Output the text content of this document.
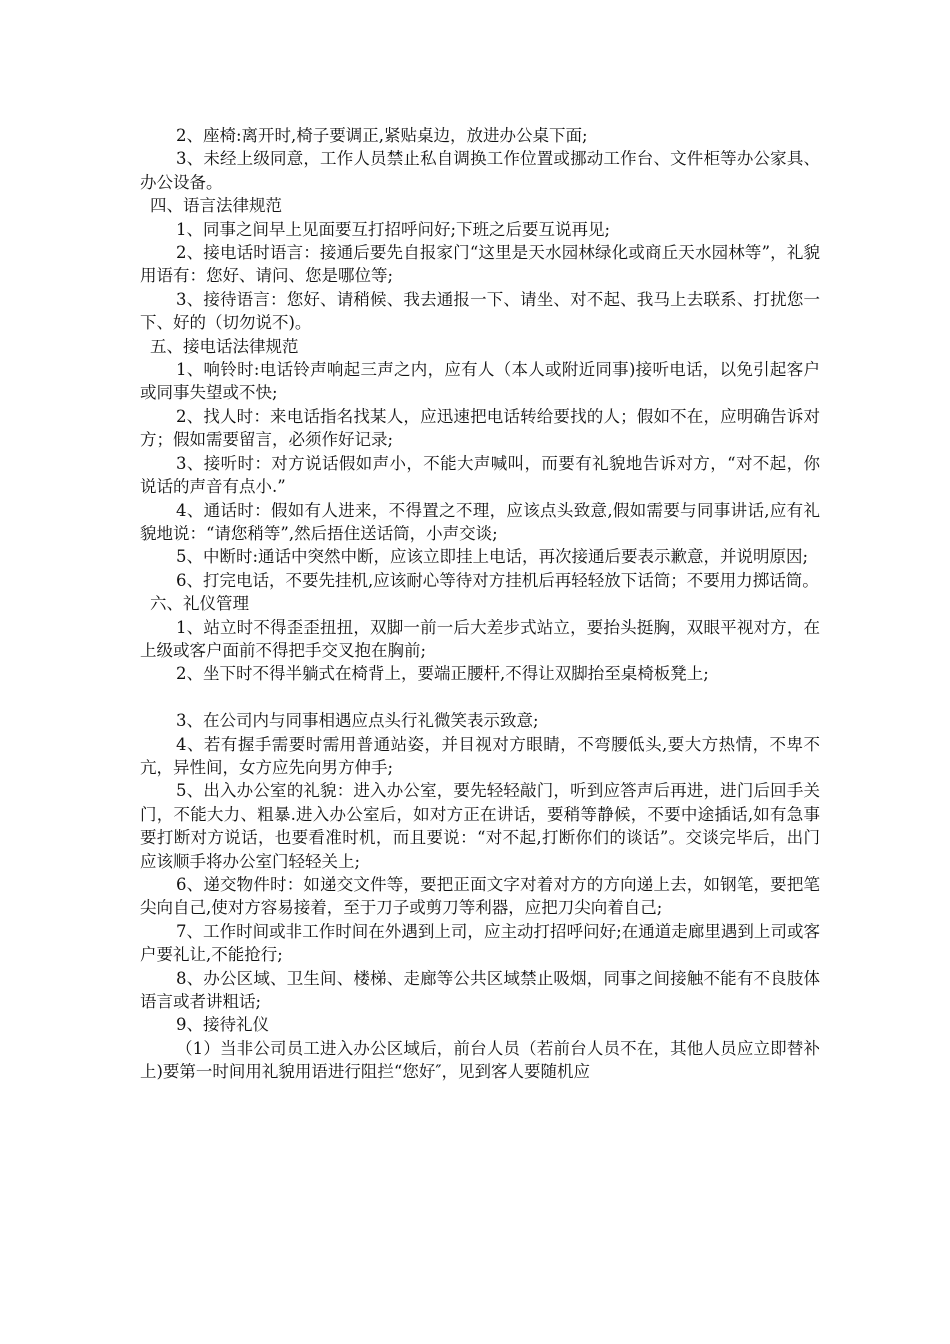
2、座椅:离开时,椅子要调正,紧贴桌边，放进办公桌下面;

3、未经上级同意，工作人员禁止私自调换工作位置或挪动工作台、文件柜等办公家具、办公设备。

四、语言法律规范

1、同事之间早上见面要互打招呼问好;下班之后要互说再见;

2、接电话时语言：接通后要先自报家门“这里是天水园林绿化或商丘天水园林等”，礼貌用语有：您好、请问、您是哪位等;

3、接待语言：您好、请稍候、我去通报一下、请坐、对不起、我马上去联系、打扰您一下、好的（切勿说不)。

五、接电话法律规范

1、响铃时:电话铃声响起三声之内，应有人（本人或附近同事)接听电话，以免引起客户或同事失望或不快;

2、找人时：来电话指名找某人，应迅速把电话转给要找的人；假如不在，应明确告诉对方；假如需要留言，必须作好记录;

3、接听时：对方说话假如声小，不能大声喊叫，而要有礼貌地告诉对方，“对不起，你说话的声音有点小.”

4、通话时：假如有人进来，不得置之不理，应该点头致意,假如需要与同事讲话,应有礼貌地说：“请您稍等”,然后捂住送话筒，小声交谈;

5、中断时:通话中突然中断，应该立即挂上电话，再次接通后要表示歉意，并说明原因;

6、打完电话，不要先挂机,应该耐心等待对方挂机后再轻轻放下话筒；不要用力掷话筒。

六、礼仪管理

1、站立时不得歪歪扭扭，双脚一前一后大差步式站立，要抬头挺胸，双眼平视对方，在上级或客户面前不得把手交叉抱在胸前;

2、坐下时不得半躺式在椅背上，要端正腰杆,不得让双脚抬至桌椅板凳上;

3、在公司内与同事相遇应点头行礼微笑表示致意;

4、若有握手需要时需用普通站姿，并目视对方眼睛，不弯腰低头,要大方热情，不卑不亢，异性间，女方应先向男方伸手;

5、出入办公室的礼貌：进入办公室，要先轻轻敲门，听到应答声后再进，进门后回手关门，不能大力、粗暴.进入办公室后，如对方正在讲话，要稍等静候，不要中途插话,如有急事要打断对方说话，也要看准时机，而且要说：“对不起,打断你们的谈话”。交谈完毕后，出门应该顺手将办公室门轻轻关上;

6、递交物件时：如递交文件等，要把正面文字对着对方的方向递上去，如钢笔，要把笔尖向自己,使对方容易接着，至于刀子或剪刀等利器，应把刀尖向着自己;

7、工作时间或非工作时间在外遇到上司，应主动打招呼问好;在通道走廊里遇到上司或客户要礼让,不能抢行;

8、办公区域、卫生间、楼梯、走廊等公共区域禁止吸烟，同事之间接触不能有不良肢体语言或者讲粗话;

9、接待礼仪

（1）当非公司员工进入办公区域后，前台人员（若前台人员不在，其他人员应立即替补上)要第一时间用礼貌用语进行阻拦“您好″，见到客人要随机应
